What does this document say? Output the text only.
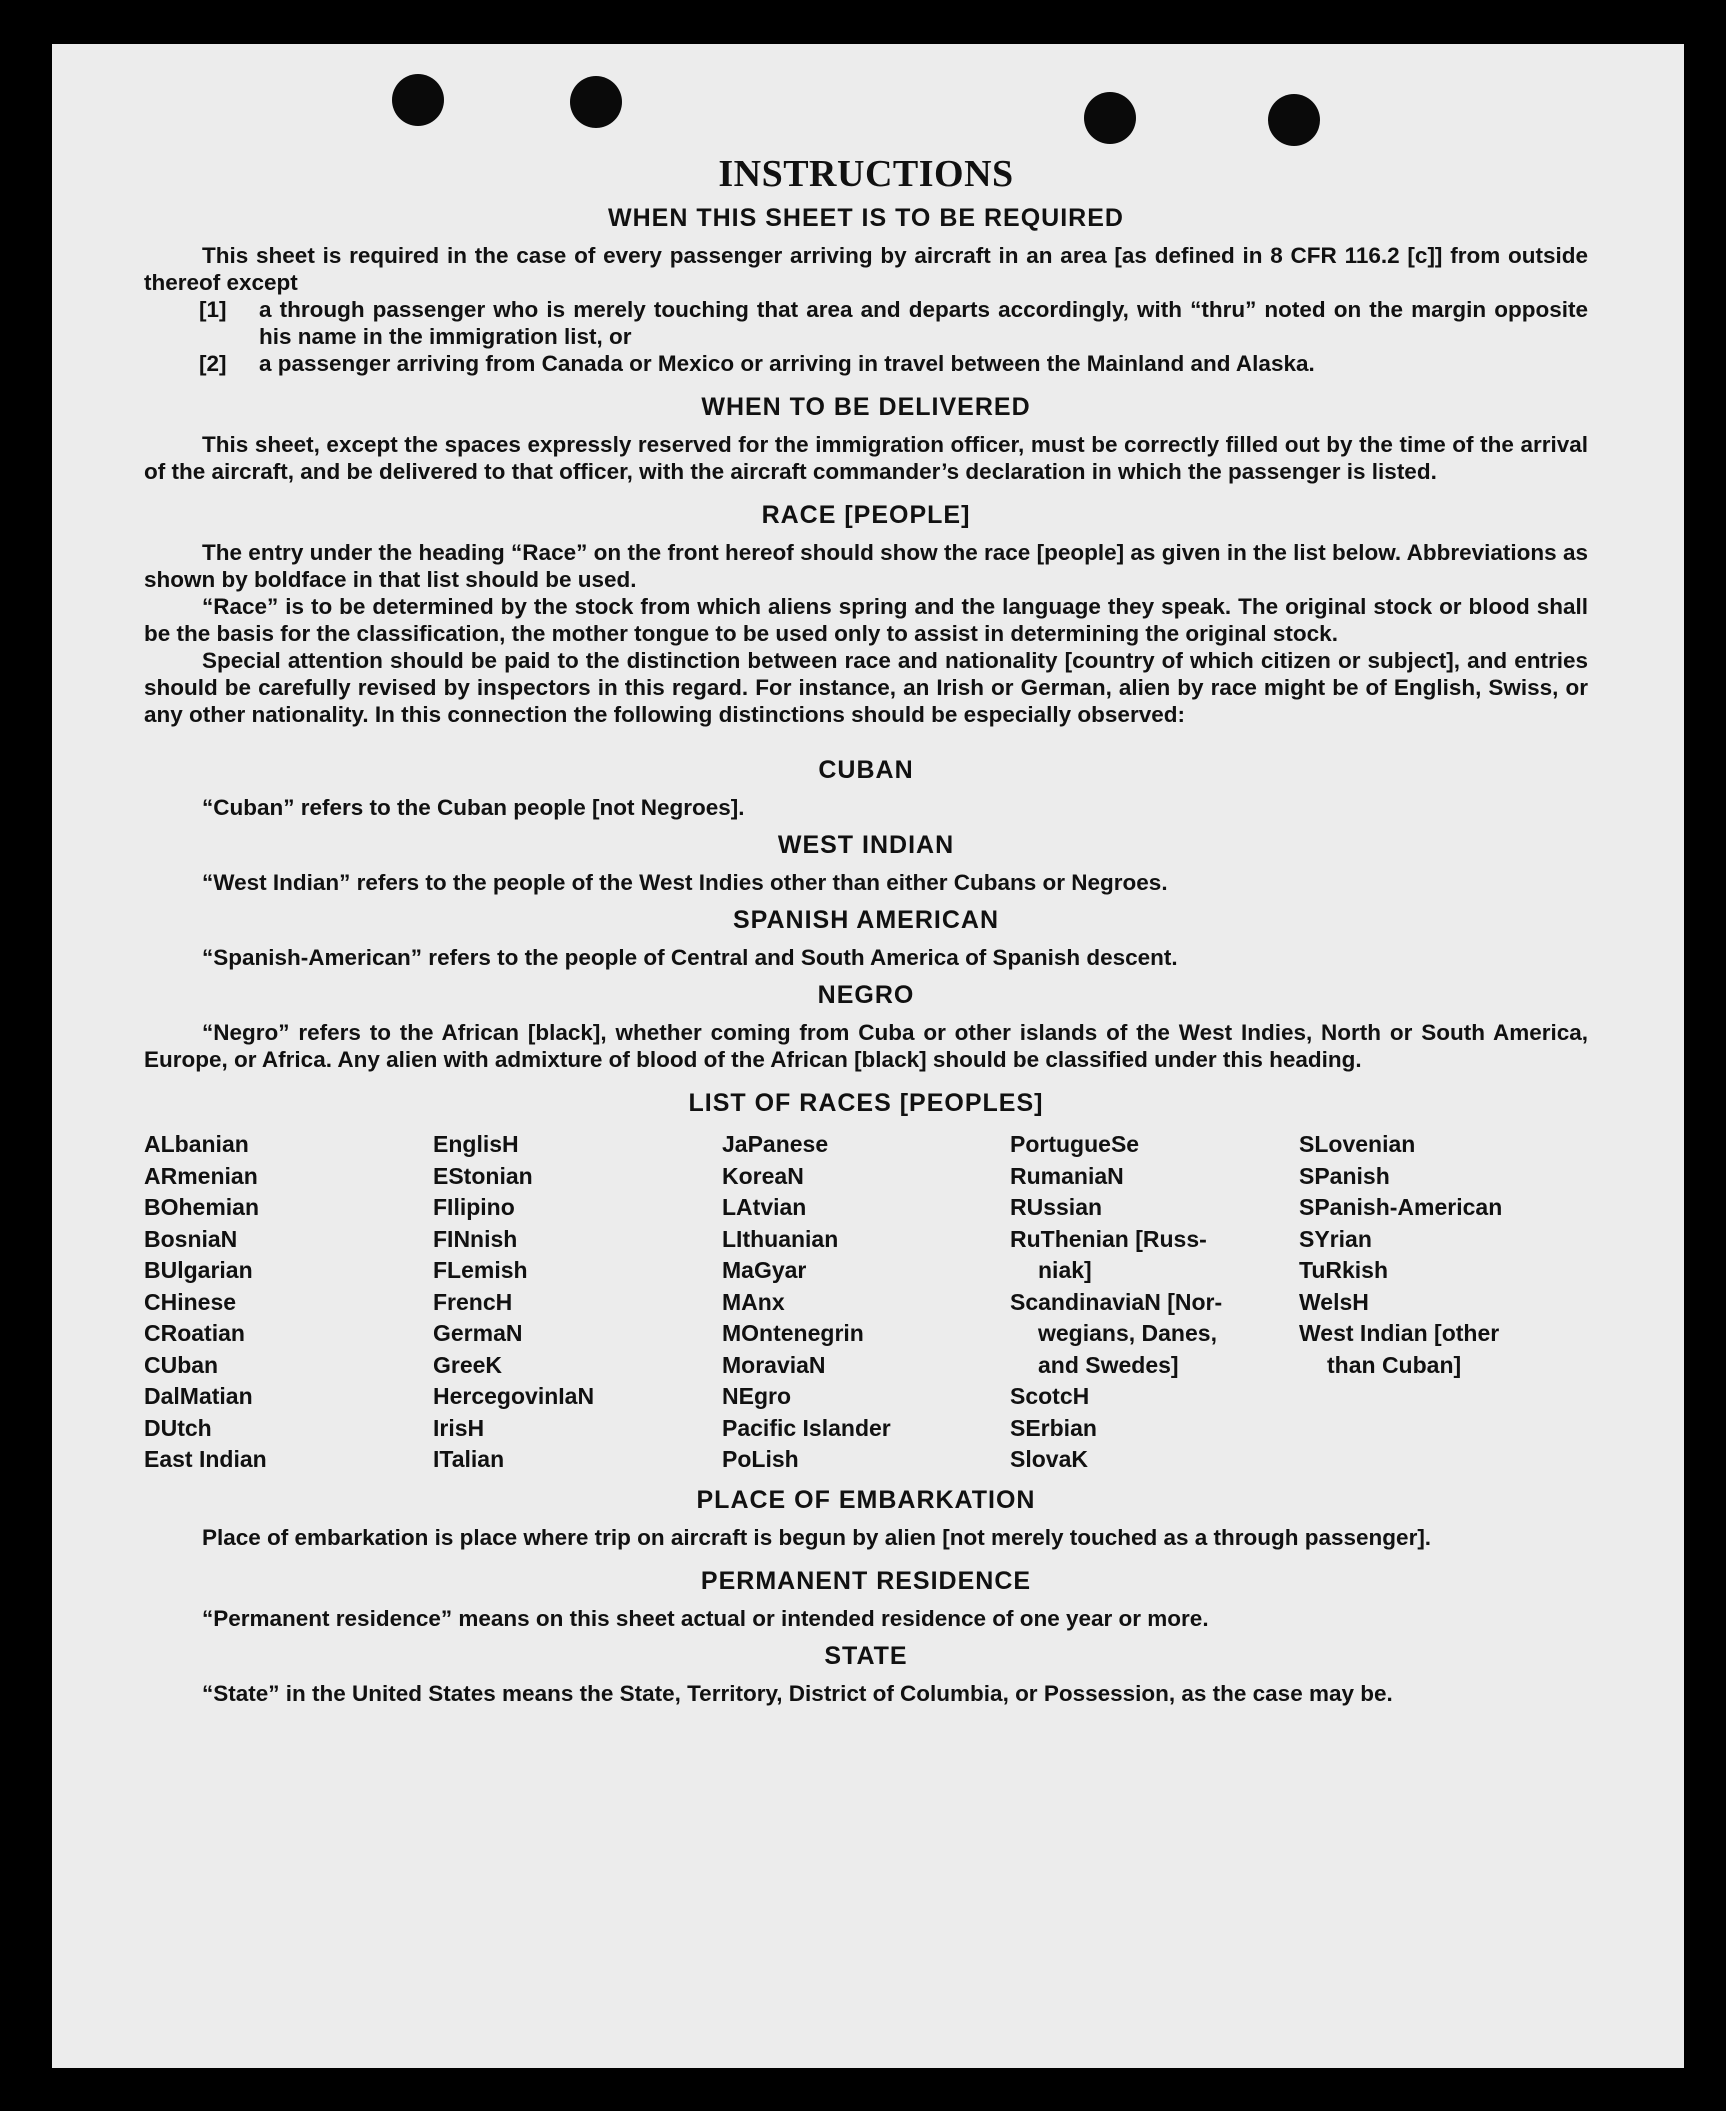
INSTRUCTIONS
WHEN THIS SHEET IS TO BE REQUIRED

This sheet is required in the case of every passenger arriving by aircraft in an area [as defined in 8 CFR 116.2 [c]] from outside thereof except

[1]	a through passenger who is merely touching that area and departs accordingly, with “thru” noted on the margin opposite his name in the immigration list, or
[2]	a passenger arriving from Canada or Mexico or arriving in travel between the Mainland and Alaska.
WHEN TO BE DELIVERED

This sheet, except the spaces expressly reserved for the immigration officer, must be correctly filled out by the time of the arrival of the aircraft, and be delivered to that officer, with the aircraft commander’s declaration in which the passenger is listed.

RACE [PEOPLE]

The entry under the heading “Race” on the front hereof should show the race [people] as given in the list below. Abbreviations as shown by boldface in that list should be used.

“Race” is to be determined by the stock from which aliens spring and the language they speak. The original stock or blood shall be the basis for the classification, the mother tongue to be used only to assist in determining the original stock.

Special attention should be paid to the distinction between race and nationality [country of which citizen or subject], and entries should be carefully revised by inspectors in this regard. For instance, an Irish or German, alien by race might be of English, Swiss, or any other nationality. In this connection the following distinctions should be especially observed:

CUBAN

“Cuban” refers to the Cuban people [not Negroes].

WEST INDIAN

“West Indian” refers to the people of the West Indies other than either Cubans or Negroes.

SPANISH AMERICAN

“Spanish-American” refers to the people of Central and South America of Spanish descent.

NEGRO

“Negro” refers to the African [black], whether coming from Cuba or other islands of the West Indies, North or South America, Europe, or Africa. Any alien with admixture of blood of the African [black] should be classified under this heading.

LIST OF RACES [PEOPLES]
ALbanian
ARmenian
BOhemian
BosniaN
BUlgarian
CHinese
CRoatian
CUban
DalMatian
DUtch
East Indian
EnglisH
EStonian
FIlipino
FINnish
FLemish
FrencH
GermaN
GreeK
HercegovinIaN
IrisH
ITalian
JaPanese
KoreaN
LAtvian
LIthuanian
MaGyar
MAnx
MOntenegrin
MoraviaN
NEgro
Pacific Islander
PoLish
PortugueSe
RumaniaN
RUssian
RuThenian [Russ-
niak]
ScandinaviaN [Nor-
wegians, Danes,
and Swedes]
ScotcH
SErbian
SlovaK
SLovenian
SPanish
SPanish-American
SYrian
TuRkish
WelsH
West Indian [other
than Cuban]
PLACE OF EMBARKATION

Place of embarkation is place where trip on aircraft is begun by alien [not merely touched as a through passenger].

PERMANENT RESIDENCE

“Permanent residence” means on this sheet actual or intended residence of one year or more.

STATE

“State” in the United States means the State, Territory, District of Columbia, or Possession, as the case may be.
